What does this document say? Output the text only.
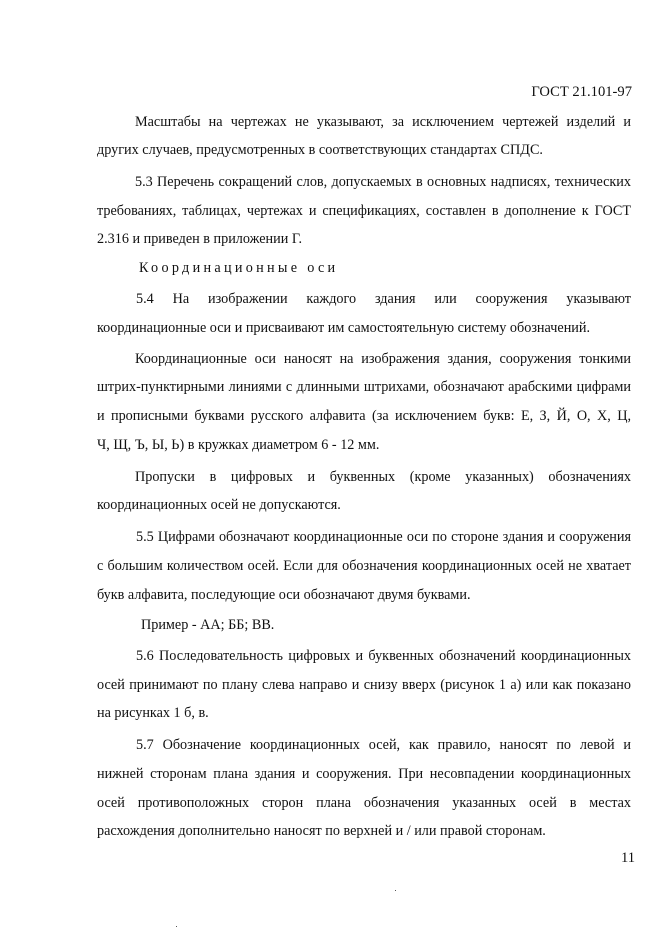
ГОСТ 21.101-97

Масштабы на чертежах не указывают, за исключением чертежей изделий и

других случаев, предусмотренных в соответствующих стандартах СПДС.

5.3 Перечень сокращений слов, допускаемых в основных надписях, технических

требованиях, таблицах, чертежах и спецификациях, составлен в дополнение к ГОСТ

2.316 и приведен в приложении Г.

Координационные оси

5.4 На изображении каждого здания или сооружения указывают

координационные оси и присваивают им самостоятельную систему обозначений.

Координационные оси наносят на изображения здания, сооружения тонкими

штрих-пунктирными линиями с длинными штрихами, обозначают арабскими цифрами

и прописными буквами русского алфавита (за исключением букв: Е, З, Й, О, Х, Ц,

Ч, Щ, Ъ, Ы, Ь) в кружках диаметром 6 - 12 мм.

Пропуски в цифровых и буквенных (кроме указанных) обозначениях

координационных осей не допускаются.

5.5 Цифрами обозначают координационные оси по стороне здания и сооружения

с большим количеством осей. Если для обозначения координационных осей не хватает

букв алфавита, последующие оси обозначают двумя буквами.

Пример - АА; ББ; ВВ.

5.6 Последовательность цифровых и буквенных обозначений координационных

осей принимают по плану слева направо и снизу вверх (рисунок 1 а) или как показано

на рисунках 1 б, в.

5.7 Обозначение координационных осей, как правило, наносят по левой и

нижней сторонам плана здания и сооружения. При несовпадении координационных

осей противоположных сторон плана обозначения указанных осей в местах

расхождения дополнительно наносят по верхней и / или правой сторонам.

11
